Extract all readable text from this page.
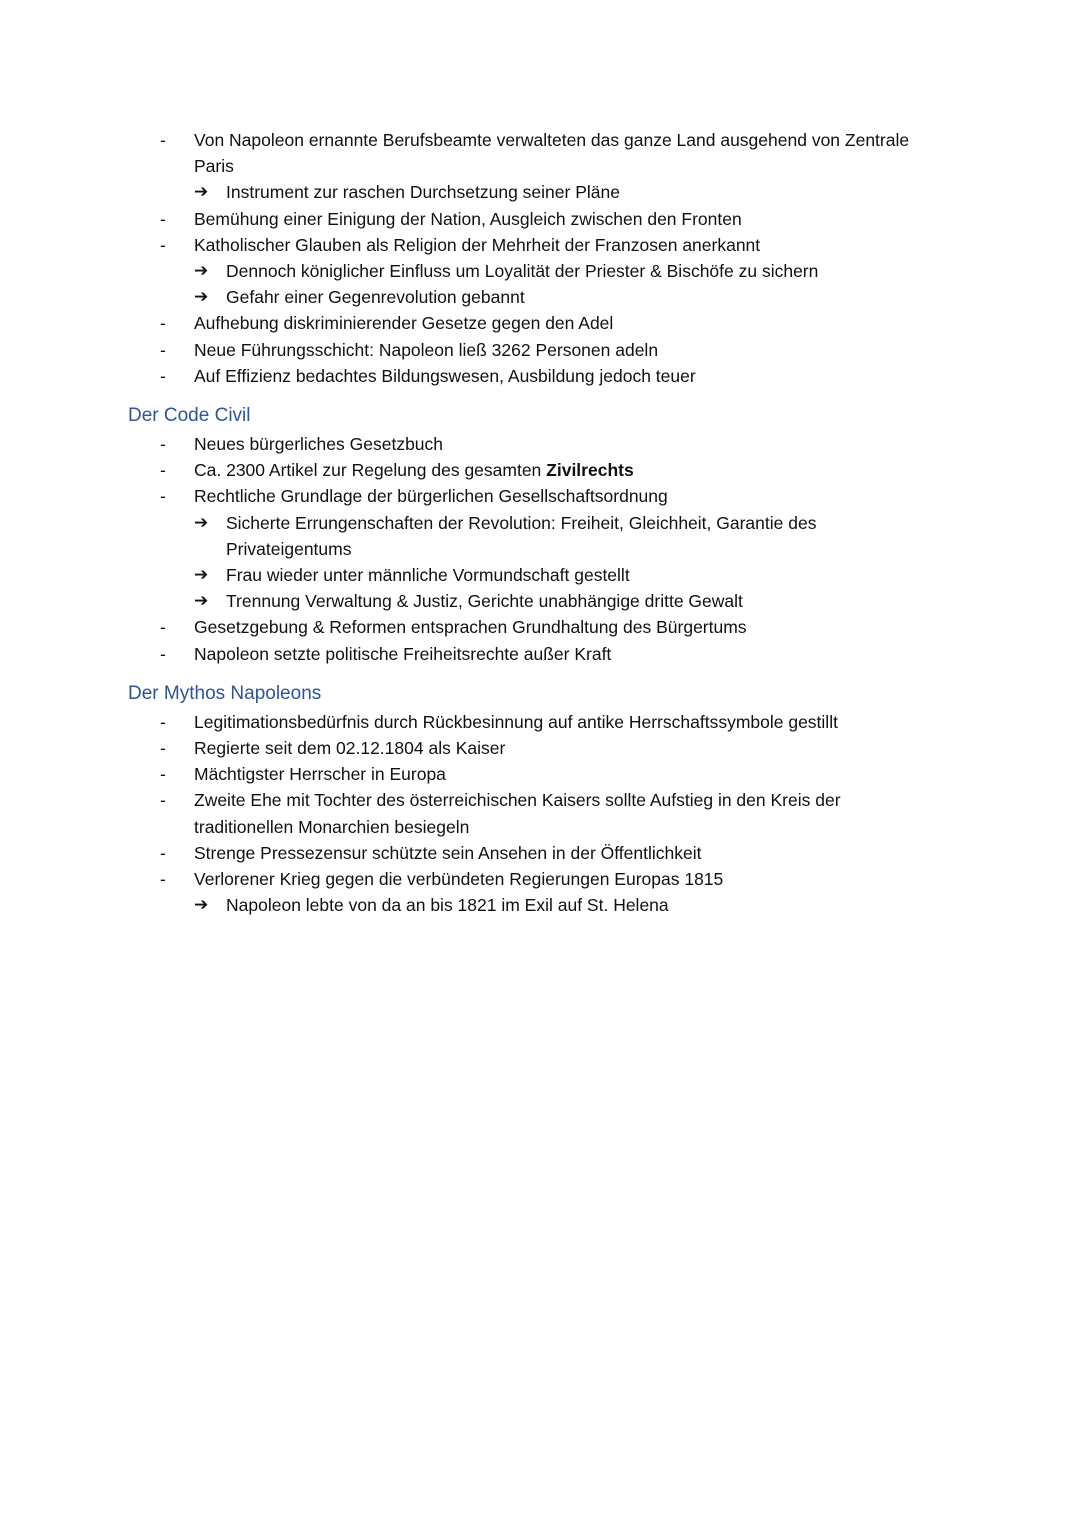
-	Von Napoleon ernannte Berufsbeamte verwalteten das ganze Land ausgehend von Zentrale
Paris
➔	Instrument zur raschen Durchsetzung seiner Pläne
-	Bemühung einer Einigung der Nation, Ausgleich zwischen den Fronten
-	Katholischer Glauben als Religion der Mehrheit der Franzosen anerkannt
➔	Dennoch königlicher Einfluss um Loyalität der Priester & Bischöfe zu sichern
➔	Gefahr einer Gegenrevolution gebannt
-	Aufhebung diskriminierender Gesetze gegen den Adel
-	Neue Führungsschicht: Napoleon ließ 3262 Personen adeln
-	Auf Effizienz bedachtes Bildungswesen, Ausbildung jedoch teuer
Der Code Civil
-	Neues bürgerliches Gesetzbuch
-	Ca. 2300 Artikel zur Regelung des gesamten Zivilrechts
-	Rechtliche Grundlage der bürgerlichen Gesellschaftsordnung
➔	Sicherte Errungenschaften der Revolution: Freiheit, Gleichheit, Garantie des
Privateigentums
➔	Frau wieder unter männliche Vormundschaft gestellt
➔	Trennung Verwaltung & Justiz, Gerichte unabhängige dritte Gewalt
-	Gesetzgebung & Reformen entsprachen Grundhaltung des Bürgertums
-	Napoleon setzte politische Freiheitsrechte außer Kraft
Der Mythos Napoleons
-	Legitimationsbedürfnis durch Rückbesinnung auf antike Herrschaftssymbole gestillt
-	Regierte seit dem 02.12.1804 als Kaiser
-	Mächtigster Herrscher in Europa
-	Zweite Ehe mit Tochter des österreichischen Kaisers sollte Aufstieg in den Kreis der
traditionellen Monarchien besiegeln
-	Strenge Pressezensur schützte sein Ansehen in der Öffentlichkeit
-	Verlorener Krieg gegen die verbündeten Regierungen Europas 1815
➔	Napoleon lebte von da an bis 1821 im Exil auf St. Helena
